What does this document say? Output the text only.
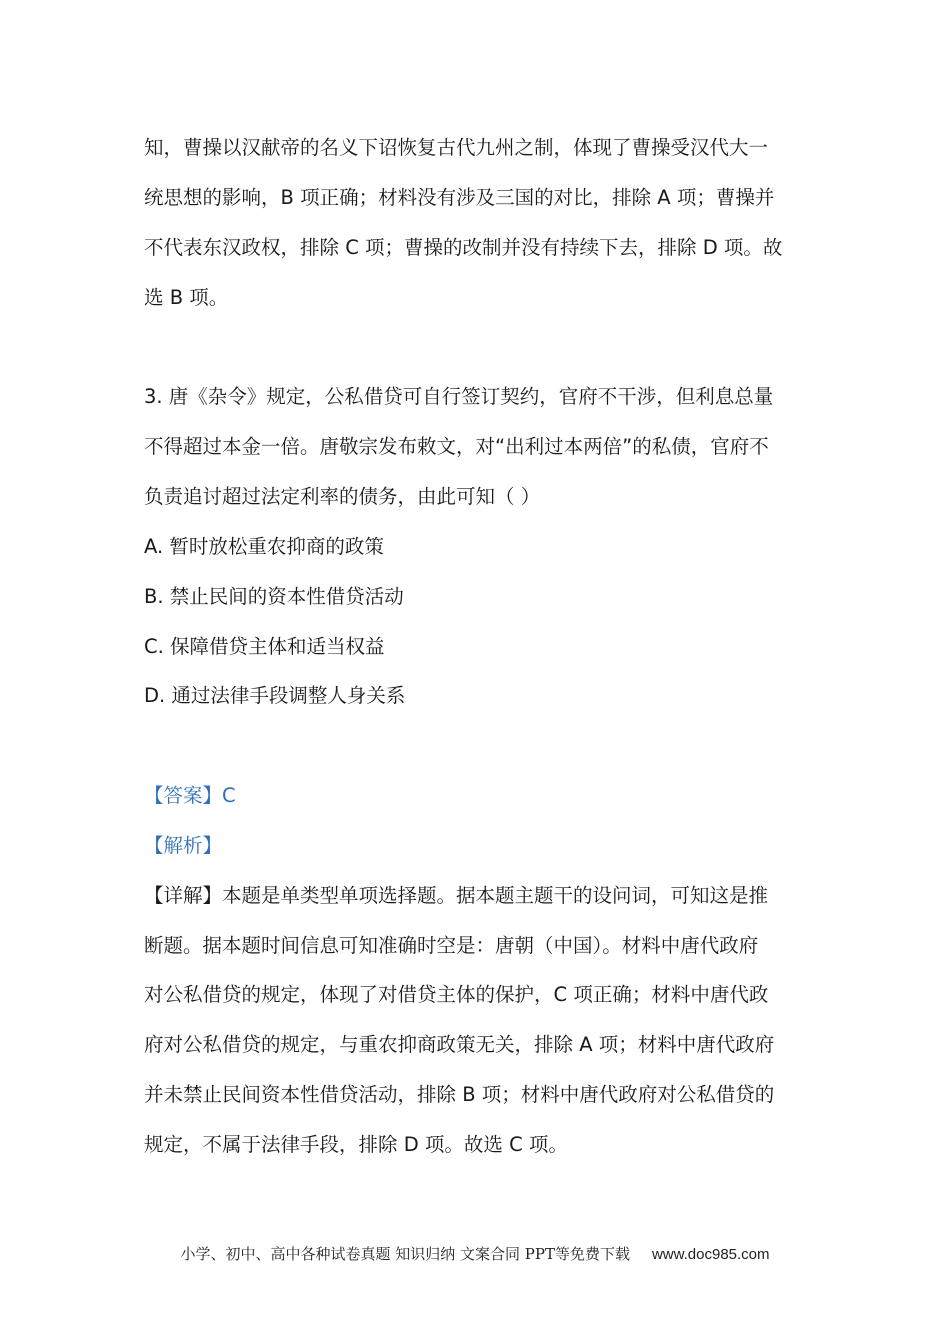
知，曹操以汉献帝的名义下诏恢复古代九州之制，体现了曹操受汉代大一
统思想的影响，B 项正确；材料没有涉及三国的对比，排除 A 项；曹操并
不代表东汉政权，排除 C 项；曹操的改制并没有持续下去，排除 D 项。故
选 B 项。
3. 唐《杂令》规定，公私借贷可自行签订契约，官府不干涉，但利息总量
不得超过本金一倍。唐敬宗发布敕文，对“出利过本两倍”的私债，官府不
负责追讨超过法定利率的债务，由此可知（ ）
A. 暂时放松重农抑商的政策
B. 禁止民间的资本性借贷活动
C. 保障借贷主体和适当权益
D. 通过法律手段调整人身关系
【答案】C
【解析】
【详解】本题是单类型单项选择题。据本题主题干的设问词，可知这是推
断题。据本题时间信息可知准确时空是：唐朝（中国）。材料中唐代政府
对公私借贷的规定，体现了对借贷主体的保护，C 项正确；材料中唐代政
府对公私借贷的规定，与重农抑商政策无关，排除 A 项；材料中唐代政府
并未禁止民间资本性借贷活动，排除 B 项；材料中唐代政府对公私借贷的
规定，不属于法律手段，排除 D 项。故选 C 项。
小学、初中、高中各种试卷真题 知识归纳 文案合同 PPT等免费下载 www.doc985.com
